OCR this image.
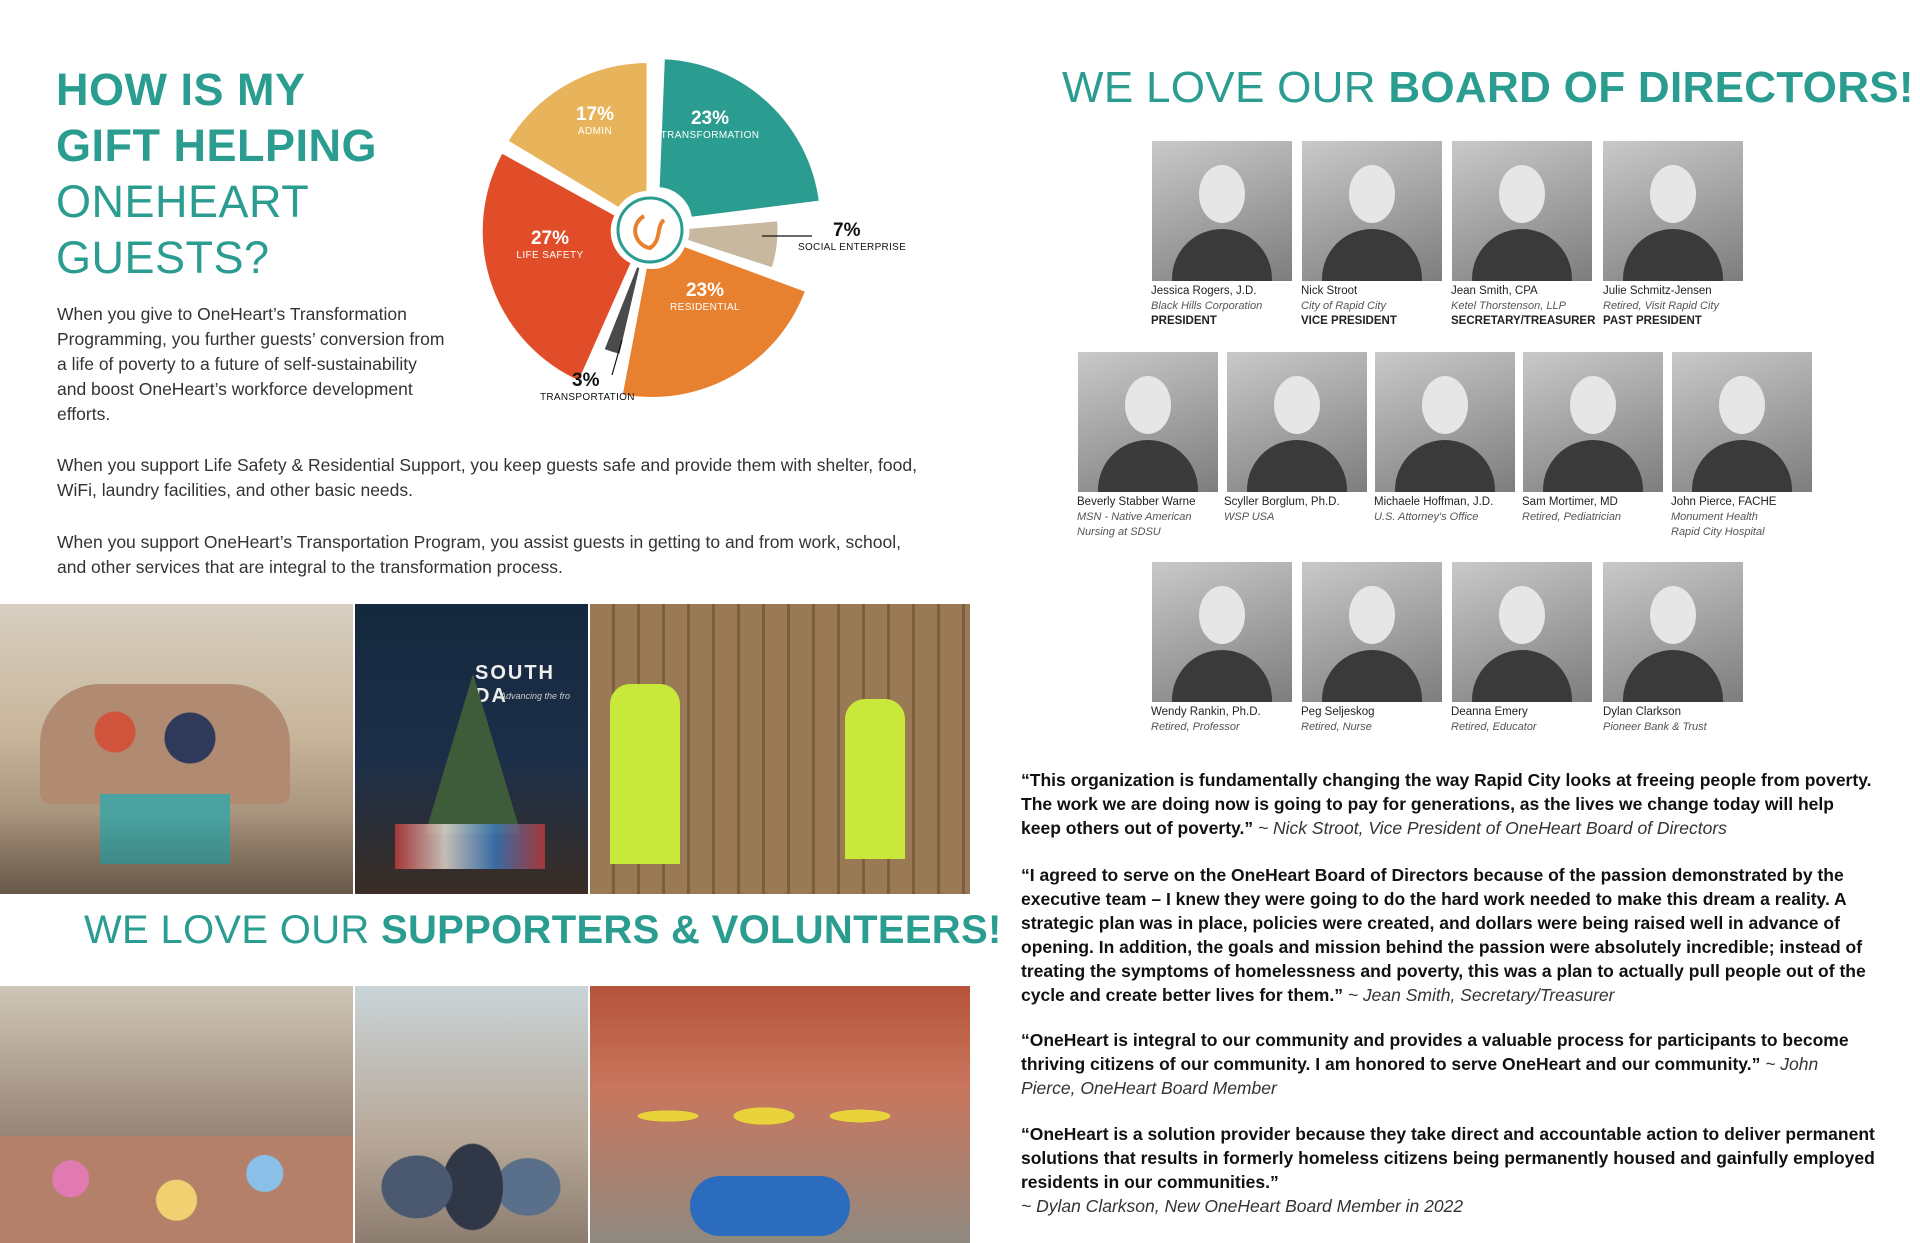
HOW IS MY
GIFT HELPING
ONEHEART
GUESTS?

When you give to OneHeart’s Transformation Programming, you further guests’ conversion from a life of poverty to a future of self-sustainability and boost OneHeart’s workforce development efforts.

When you support Life Safety & Residential Support, you keep guests safe and provide them with shelter, food, WiFi, laundry facilities, and other basic needs.

When you support OneHeart’s Transportation Program, you assist guests in getting to and from work, school, and other services that are integral to the transformation process.

23%
TRANSFORMATION
17%
ADMIN
27%
LIFE SAFETY
23%
RESIDENTIAL
7%
SOCIAL ENTERPRISE
3%
TRANSPORTATION
SOUTH DA
Advancing the fro
WE LOVE OUR SUPPORTERS & VOLUNTEERS!
WE LOVE OUR BOARD OF DIRECTORS!
Jessica Rogers, J.D.
Black Hills Corporation
PRESIDENT
Nick Stroot
City of Rapid City
VICE PRESIDENT
Jean Smith, CPA
Ketel Thorstenson, LLP
SECRETARY/TREASURER
Julie Schmitz-Jensen
Retired, Visit Rapid City
PAST PRESIDENT
Beverly Stabber Warne
MSN - Native American
Nursing at SDSU
Scyller Borglum, Ph.D.
WSP USA
Michaele Hoffman, J.D.
U.S. Attorney's Office
Sam Mortimer, MD
Retired, Pediatrician
John Pierce, FACHE
Monument Health
Rapid City Hospital
Wendy Rankin, Ph.D.
Retired, Professor
Peg Seljeskog
Retired, Nurse
Deanna Emery
Retired, Educator
Dylan Clarkson
Pioneer Bank & Trust
“This organization is fundamentally changing the way Rapid City looks at freeing people from poverty. The work we are doing now is going to pay for generations, as the lives we change today will help keep others out of poverty.” ~ Nick Stroot, Vice President of OneHeart Board of Directors
“I agreed to serve on the OneHeart Board of Directors because of the passion demonstrated by the executive team – I knew they were going to do the hard work needed to make this dream a reality. A strategic plan was in place, policies were created, and dollars were being raised well in advance of opening. In addition, the goals and mission behind the passion were absolutely incredible; instead of treating the symptoms of homelessness and poverty, this was a plan to actually pull people out of the cycle and create better lives for them.” ~ Jean Smith, Secretary/Treasurer
“OneHeart is integral to our community and provides a valuable process for participants to become thriving citizens of our community. I am honored to serve OneHeart and our community.” ~ John Pierce, OneHeart Board Member
“OneHeart is a solution provider because they take direct and accountable action to deliver permanent solutions that results in formerly homeless citizens being permanently housed and gainfully employed residents in our communities.”
~ Dylan Clarkson, New OneHeart Board Member in 2022
